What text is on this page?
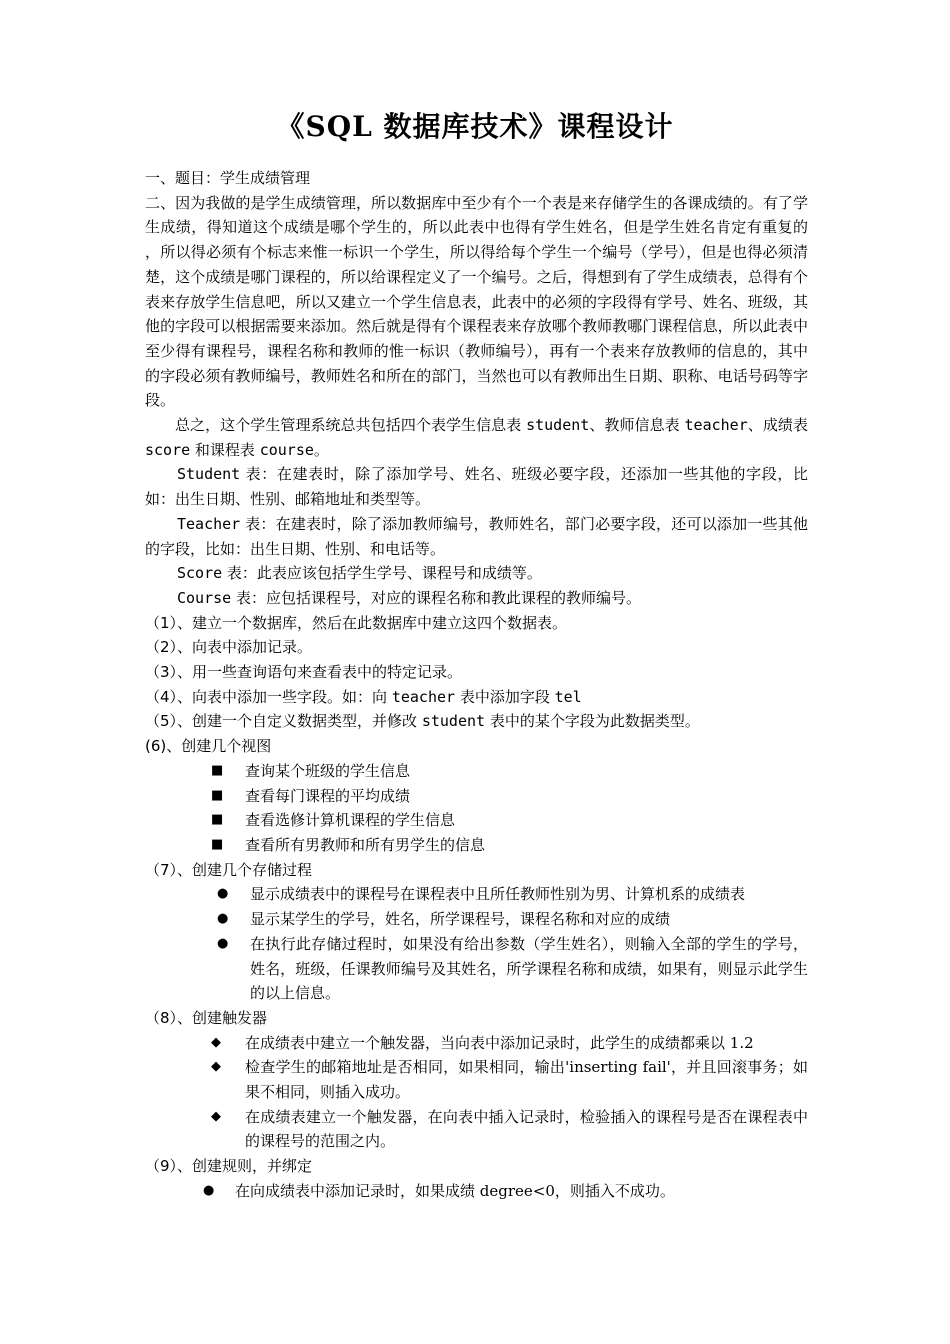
《SQL 数据库技术》课程设计

一、题目：学生成绩管理

二、因为我做的是学生成绩管理，所以数据库中至少有个一个表是来存储学生的各课成绩的。有了学生成绩，得知道这个成绩是哪个学生的，所以此表中也得有学生姓名，但是学生姓名肯定有重复的 ，所以得必须有个标志来惟一标识一个学生，所以得给每个学生一个编号（学号），但是也得必须清楚，这个成绩是哪门课程的，所以给课程定义了一个编号。之后，得想到有了学生成绩表，总得有个表来存放学生信息吧，所以又建立一个学生信息表，此表中的必须的字段得有学号、姓名、班级，其他的字段可以根据需要来添加。然后就是得有个课程表来存放哪个教师教哪门课程信息，所以此表中至少得有课程号，课程名称和教师的惟一标识（教师编号），再有一个表来存放教师的信息的，其中的字段必须有教师编号，教师姓名和所在的部门，当然也可以有教师出生日期、职称、电话号码等字段。

总之，这个学生管理系统总共包括四个表学生信息表 student、教师信息表 teacher、成绩表 score 和课程表 course。

Student 表：在建表时，除了添加学号、姓名、班级必要字段，还添加一些其他的字段，比如：出生日期、性别、邮箱地址和类型等。

Teacher 表：在建表时，除了添加教师编号，教师姓名，部门必要字段，还可以添加一些其他的字段，比如：出生日期、性别、和电话等。

Score 表：此表应该包括学生学号、课程号和成绩等。

Course 表：应包括课程号，对应的课程名称和教此课程的教师编号。

（1）、建立一个数据库，然后在此数据库中建立这四个数据表。

（2）、向表中添加记录。

（3）、用一些查询语句来查看表中的特定记录。

（4）、向表中添加一些字段。如：向 teacher 表中添加字段 tel

（5）、创建一个自定义数据类型，并修改 student 表中的某个字段为此数据类型。

(6)、创建几个视图

■ 查询某个班级的学生信息

■ 查看每门课程的平均成绩

■ 查看选修计算机课程的学生信息

■ 查看所有男教师和所有男学生的信息

（7）、创建几个存储过程

● 显示成绩表中的课程号在课程表中且所任教师性别为男、计算机系的成绩表

● 显示某学生的学号，姓名，所学课程号，课程名称和对应的成绩

● 在执行此存储过程时，如果没有给出参数（学生姓名），则输入全部的学生的学号，姓名，班级，任课教师编号及其姓名，所学课程名称和成绩，如果有，则显示此学生的以上信息。

（8）、创建触发器

◆ 在成绩表中建立一个触发器，当向表中添加记录时，此学生的成绩都乘以 1.2

◆ 检查学生的邮箱地址是否相同，如果相同，输出'inserting fail'，并且回滚事务；如果不相同，则插入成功。

◆ 在成绩表建立一个触发器，在向表中插入记录时，检验插入的课程号是否在课程表中的课程号的范围之内。

（9）、创建规则，并绑定

● 在向成绩表中添加记录时，如果成绩 degree<0，则插入不成功。
